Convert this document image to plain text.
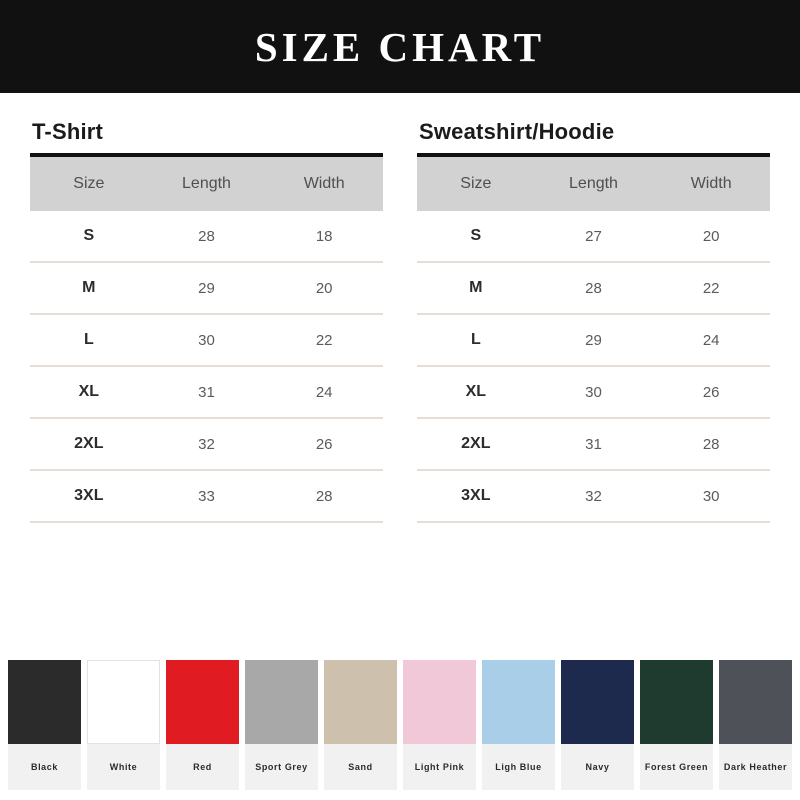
SIZE CHART
T-Shirt
Size	Length	Width
S	28	18
M	29	20
L	30	22
XL	31	24
2XL	32	26
3XL	33	28
Sweatshirt/Hoodie
Size	Length	Width
S	27	20
M	28	22
L	29	24
XL	30	26
2XL	31	28
3XL	32	30
Black	White	Red	Sport Grey	Sand	Light Pink	Ligh Blue	Navy	Forest Green Dark Heather
